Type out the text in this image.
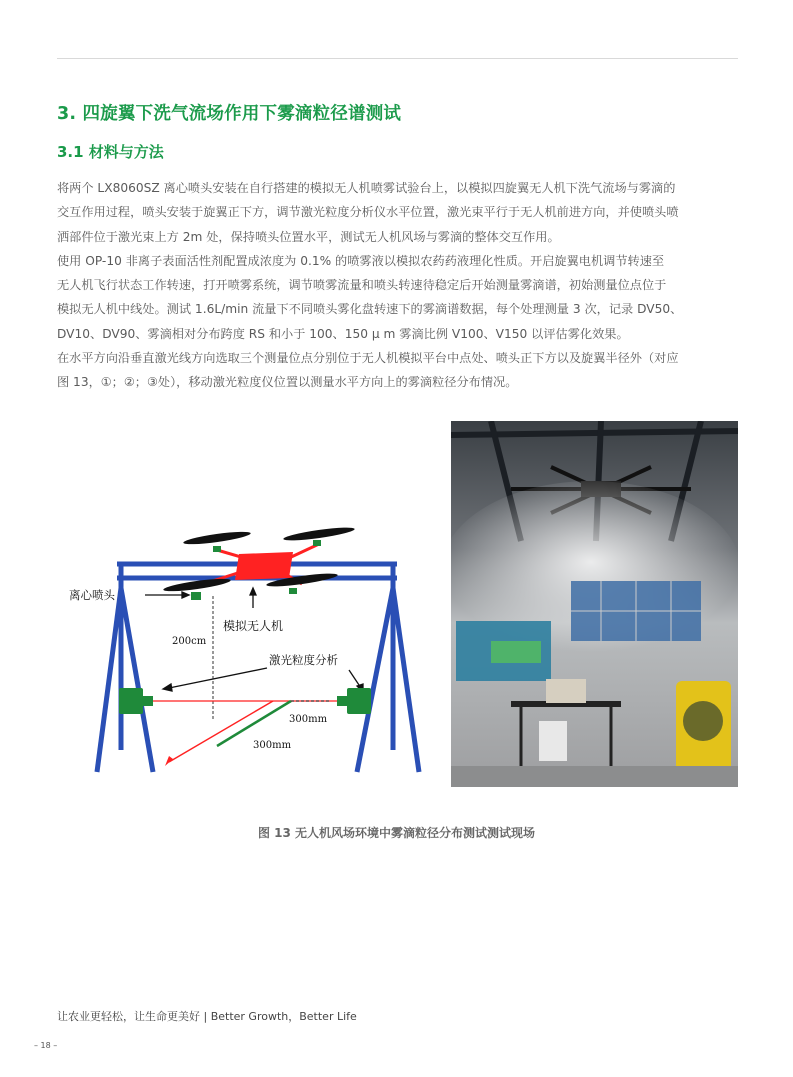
3. 四旋翼下洗气流场作用下雾滴粒径谱测试
3.1 材料与方法

将两个 LX8060SZ 离心喷头安装在自行搭建的模拟无人机喷雾试验台上，以模拟四旋翼无人机下洗气流场与雾滴的

交互作用过程，喷头安装于旋翼正下方，调节激光粒度分析仪水平位置，激光束平行于无人机前进方向，并使喷头喷

洒部件位于激光束上方 2m 处，保持喷头位置水平，测试无人机风场与雾滴的整体交互作用。

使用 OP-10 非离子表面活性剂配置成浓度为 0.1% 的喷雾液以模拟农药药液理化性质。开启旋翼电机调节转速至

无人机飞行状态工作转速，打开喷雾系统，调节喷雾流量和喷头转速待稳定后开始测量雾滴谱，初始测量位点位于

模拟无人机中线处。测试 1.6L/min 流量下不同喷头雾化盘转速下的雾滴谱数据，每个处理测量 3 次，记录 DV50、

DV10、DV90、雾滴相对分布跨度 RS 和小于 100、150 μ m 雾滴比例 V100、V150 以评估雾化效果。

在水平方向沿垂直激光线方向选取三个测量位点分别位于无人机模拟平台中点处、喷头正下方以及旋翼半径外（对应

图 13，①；②；③处），移动激光粒度仪位置以测量水平方向上的雾滴粒径分布情况。

离心喷头
模拟无人机
200cm
激光粒度分析
300mm
300mm
图 13 无人机风场环境中雾滴粒径分布测试测试现场
让农业更轻松，让生命更美好 | Better Growth，Better Life
– 18 –
